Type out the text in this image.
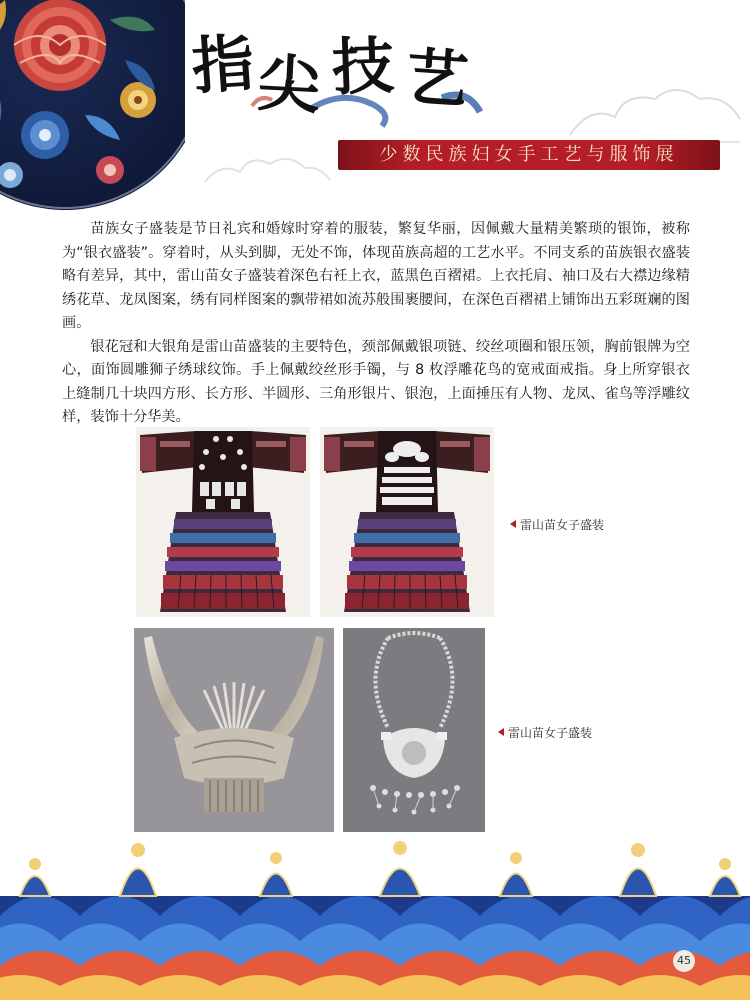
指 尖 技 艺
少数民族妇女手工艺与服饰展

苗族女子盛装是节日礼宾和婚嫁时穿着的服装，繁复华丽，因佩戴大量精美繁琐的银饰，被称为“银衣盛装”。穿着时，从头到脚，无处不饰，体现苗族高超的工艺水平。不同支系的苗族银衣盛装略有差异，其中，雷山苗女子盛装着深色右衽上衣，蓝黑色百褶裙。上衣托肩、袖口及右大襟边缘精绣花草、龙凤图案，绣有同样图案的飘带裙如流苏般围裹腰间，在深色百褶裙上铺饰出五彩斑斓的图画。

银花冠和大银角是雷山苗盛装的主要特色，颈部佩戴银项链、绞丝项圈和银压领，胸前银牌为空心，面饰圆雕狮子绣球纹饰。手上佩戴绞丝形手镯，与 8 枚浮雕花鸟的宽戒面戒指。身上所穿银衣上缝制几十块四方形、长方形、半圆形、三角形银片、银泡，上面捶压有人物、龙凤、雀鸟等浮雕纹样，装饰十分华美。

雷山苗女子盛装
雷山苗女子盛装
45
